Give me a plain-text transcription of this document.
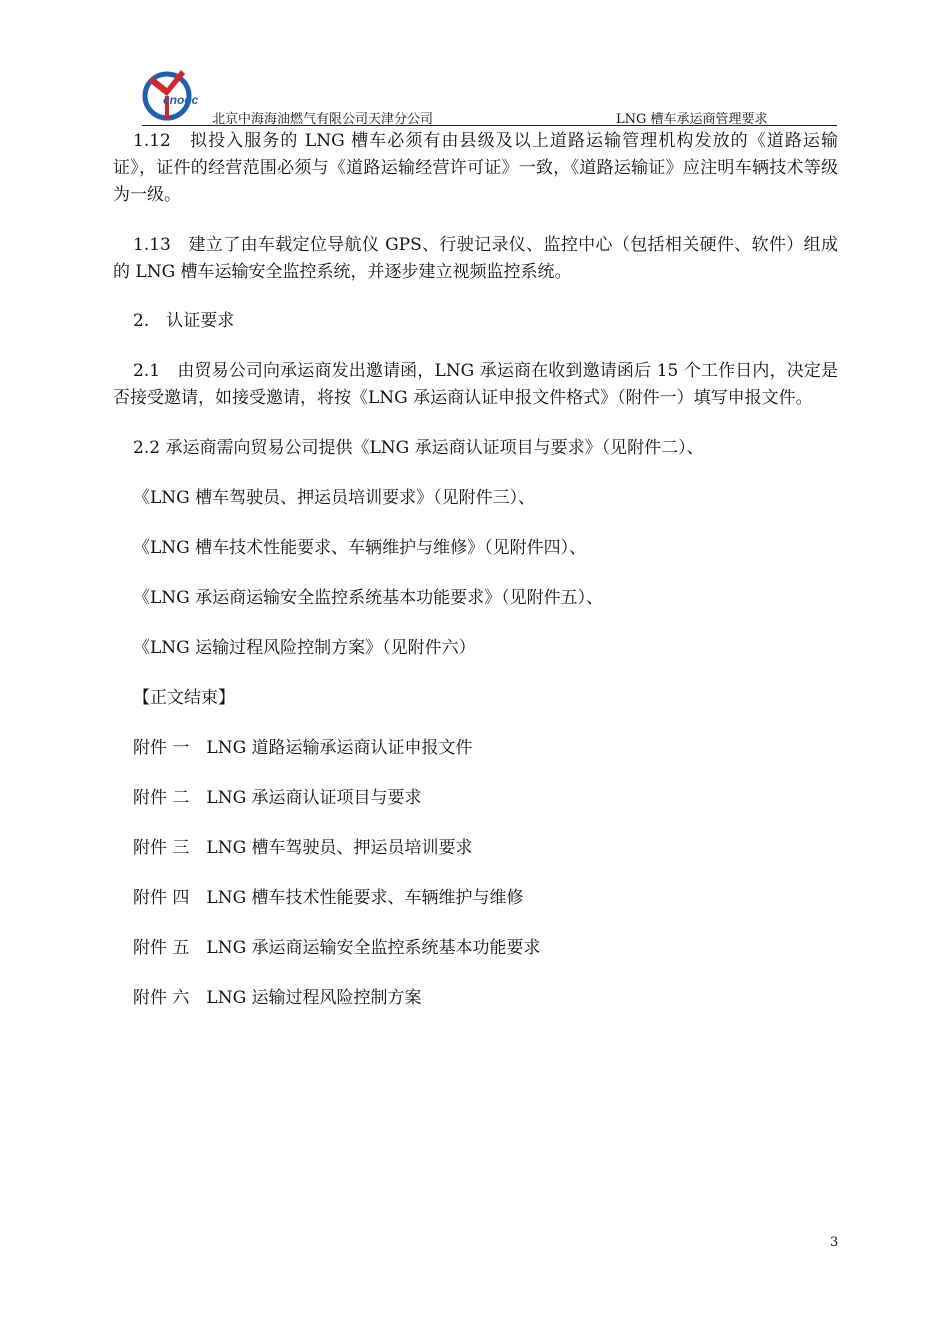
cnooc
北京中海海油燃气有限公司天津分公司	LNG 槽车承运商管理要求

1.12　拟投入服务的 LNG 槽车必须有由县级及以上道路运输管理机构发放的《道路运输证》，证件的经营范围必须与《道路运输经营许可证》一致，《道路运输证》应注明车辆技术等级为一级。

1.13　建立了由车载定位导航仪 GPS、行驶记录仪、监控中心（包括相关硬件、软件）组成的 LNG 槽车运输安全监控系统，并逐步建立视频监控系统。

2.　认证要求

2.1　由贸易公司向承运商发出邀请函，LNG 承运商在收到邀请函后 15 个工作日内，决定是否接受邀请，如接受邀请，将按《LNG 承运商认证申报文件格式》（附件一）填写申报文件。

2.2 承运商需向贸易公司提供《LNG 承运商认证项目与要求》（见附件二）、

《LNG 槽车驾驶员、押运员培训要求》（见附件三）、

《LNG 槽车技术性能要求、车辆维护与维修》（见附件四）、

《LNG 承运商运输安全监控系统基本功能要求》（见附件五）、

《LNG 运输过程风险控制方案》（见附件六）

【正文结束】

附件 一　LNG 道路运输承运商认证申报文件

附件 二　LNG 承运商认证项目与要求

附件 三　LNG 槽车驾驶员、押运员培训要求

附件 四　LNG 槽车技术性能要求、车辆维护与维修

附件 五　LNG 承运商运输安全监控系统基本功能要求

附件 六　LNG 运输过程风险控制方案

3
